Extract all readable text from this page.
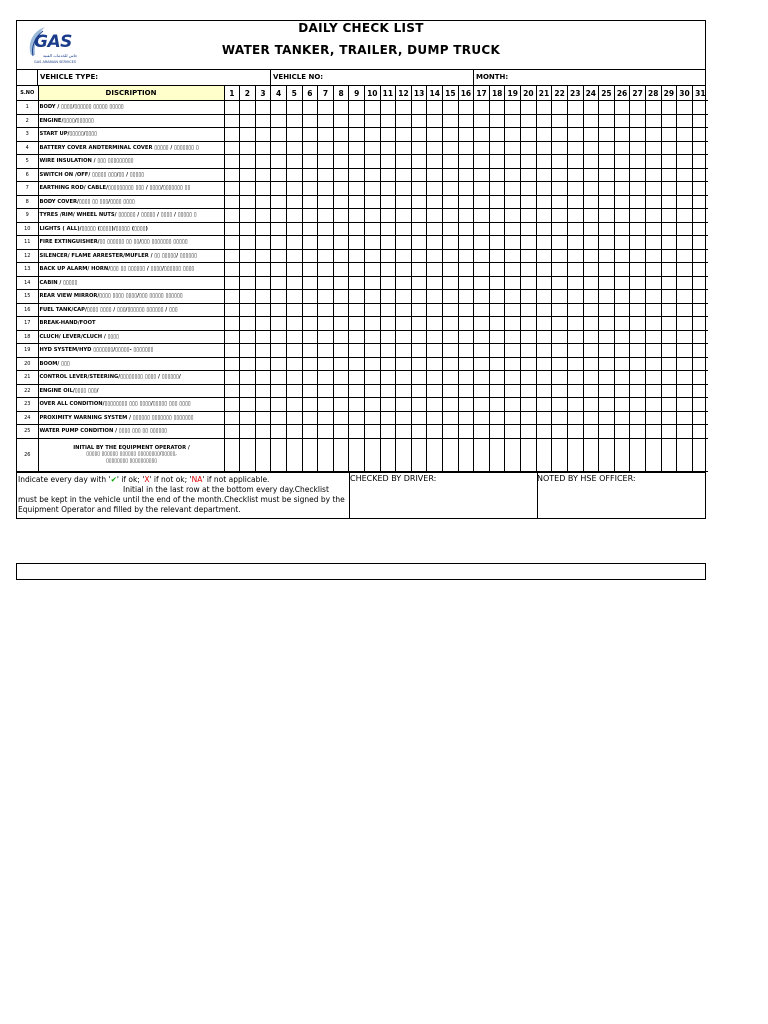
GAS
جاس للخدمات الفنية
GAS ARABIAN SERVICES
DAILY CHECK LIST
WATER TANKER, TRAILER, DUMP TRUCK
VEHICLE TYPE:	VEHICLE NO:	MONTH:
S.NO	DISCRIPTION	1	2	3	4	5	6	7	8	9	10	11	12	13	14	15	16	17	18	19	20	21	22	23	24	25	26	27	28	29	30	31
1	BODY / ▯▯▯▯/▯▯▯▯▯▯ ▯▯▯▯▯ ▯▯▯▯▯																															
2	ENGINE/▯▯▯▯/▯▯▯▯▯▯																															
3	START UP/▯▯▯▯▯/▯▯▯▯																															
4	BATTERY COVER ANDTERMINAL COVER ▯▯▯▯▯ / ▯▯▯▯▯▯▯ ▯																															
5	WIRE INSULATION / ▯▯▯ ▯▯▯▯▯▯▯▯▯																															
6	SWITCH ON /OFF/ ▯▯▯▯▯ ▯▯▯/▯▯ / ▯▯▯▯▯																															
7	EARTHING ROD/ CABLE/▯▯▯▯▯▯▯▯▯ ▯▯▯ / ▯▯▯▯/▯▯▯▯▯▯▯ ▯▯																															
8	BODY COVER/▯▯▯▯ ▯▯ ▯▯▯/▯▯▯▯ ▯▯▯▯																															
9	TYRES /RIM/ WHEEL NUTS/ ▯▯▯▯▯▯ / ▯▯▯▯▯ / ▯▯▯▯ / ▯▯▯▯▯ ▯																															
10	LIGHTS ( ALL)/▯▯▯▯▯ (▯▯▯▯)/▯▯▯▯▯ (▯▯▯▯)																															
11	FIRE EXTINGUISHER/▯▯ ▯▯▯▯▯▯ ▯▯ ▯▯/▯▯▯ ▯▯▯▯▯▯▯ ▯▯▯▯▯																															
12	SILENCER/ FLAME ARRESTER/MUFLER / ▯▯ ▯▯▯▯▯/ ▯▯▯▯▯▯																															
13	BACK UP ALARM/ HORN/▯▯▯ ▯▯ ▯▯▯▯▯▯ / ▯▯▯▯/▯▯▯▯▯▯ ▯▯▯▯																															
14	CABIN / ▯▯▯▯▯																															
15	REAR VIEW MIRROR/▯▯▯▯ ▯▯▯▯ ▯▯▯▯/▯▯▯ ▯▯▯▯▯ ▯▯▯▯▯▯																															
16	FUEL TANK/CAP/▯▯▯▯ ▯▯▯▯ / ▯▯▯/▯▯▯▯▯▯ ▯▯▯▯▯▯ / ▯▯▯																															
17	BREAK-HAND/FOOT																															
18	CLUCH/ LEVER/CLUCH / ▯▯▯▯																															
19	HYD SYSTEM/HYD ▯▯▯▯▯▯▯/▯▯▯▯▯- ▯▯▯▯▯▯▯																															
20	BOOM/ ▯▯▯																															
21	CONTROL LEVER/STEERING/▯▯▯▯▯▯▯▯ ▯▯▯▯ / ▯▯▯▯▯▯/																															
22	ENGINE OIL/▯▯▯▯ ▯▯▯/																															
23	OVER ALL CONDITION/▯▯▯▯▯▯▯▯ ▯▯▯ ▯▯▯▯/▯▯▯▯▯ ▯▯▯ ▯▯▯▯																															
24	PROXIMITY WARNING SYSTEM / ▯▯▯▯▯▯ ▯▯▯▯▯▯▯ ▯▯▯▯▯▯▯																															
25	WATER PUMP CONDITION / ▯▯▯▯ ▯▯▯ ▯▯ ▯▯▯▯▯▯																															
26	INITIAL BY THE EQUIPMENT OPERATOR /
▯▯▯▯▯ ▯▯▯▯▯▯ ▯▯▯▯▯▯ ▯▯▯▯▯▯▯▯/▯▯▯▯▯,
▯▯▯▯▯▯▯▯ ▯▯▯▯▯▯▯▯▯▯																															

Indicate every day with '✔' if ok; 'X' if not ok; 'NA' if not applicable.
Initial in the last row at the bottom every day.Checklist
must be kept in the vehicle until the end of the month.Checklist must be signed by the
Equipment Operator and filled by the relevant department.
CHECKED BY DRIVER:	NOTED BY HSE OFFICER:
